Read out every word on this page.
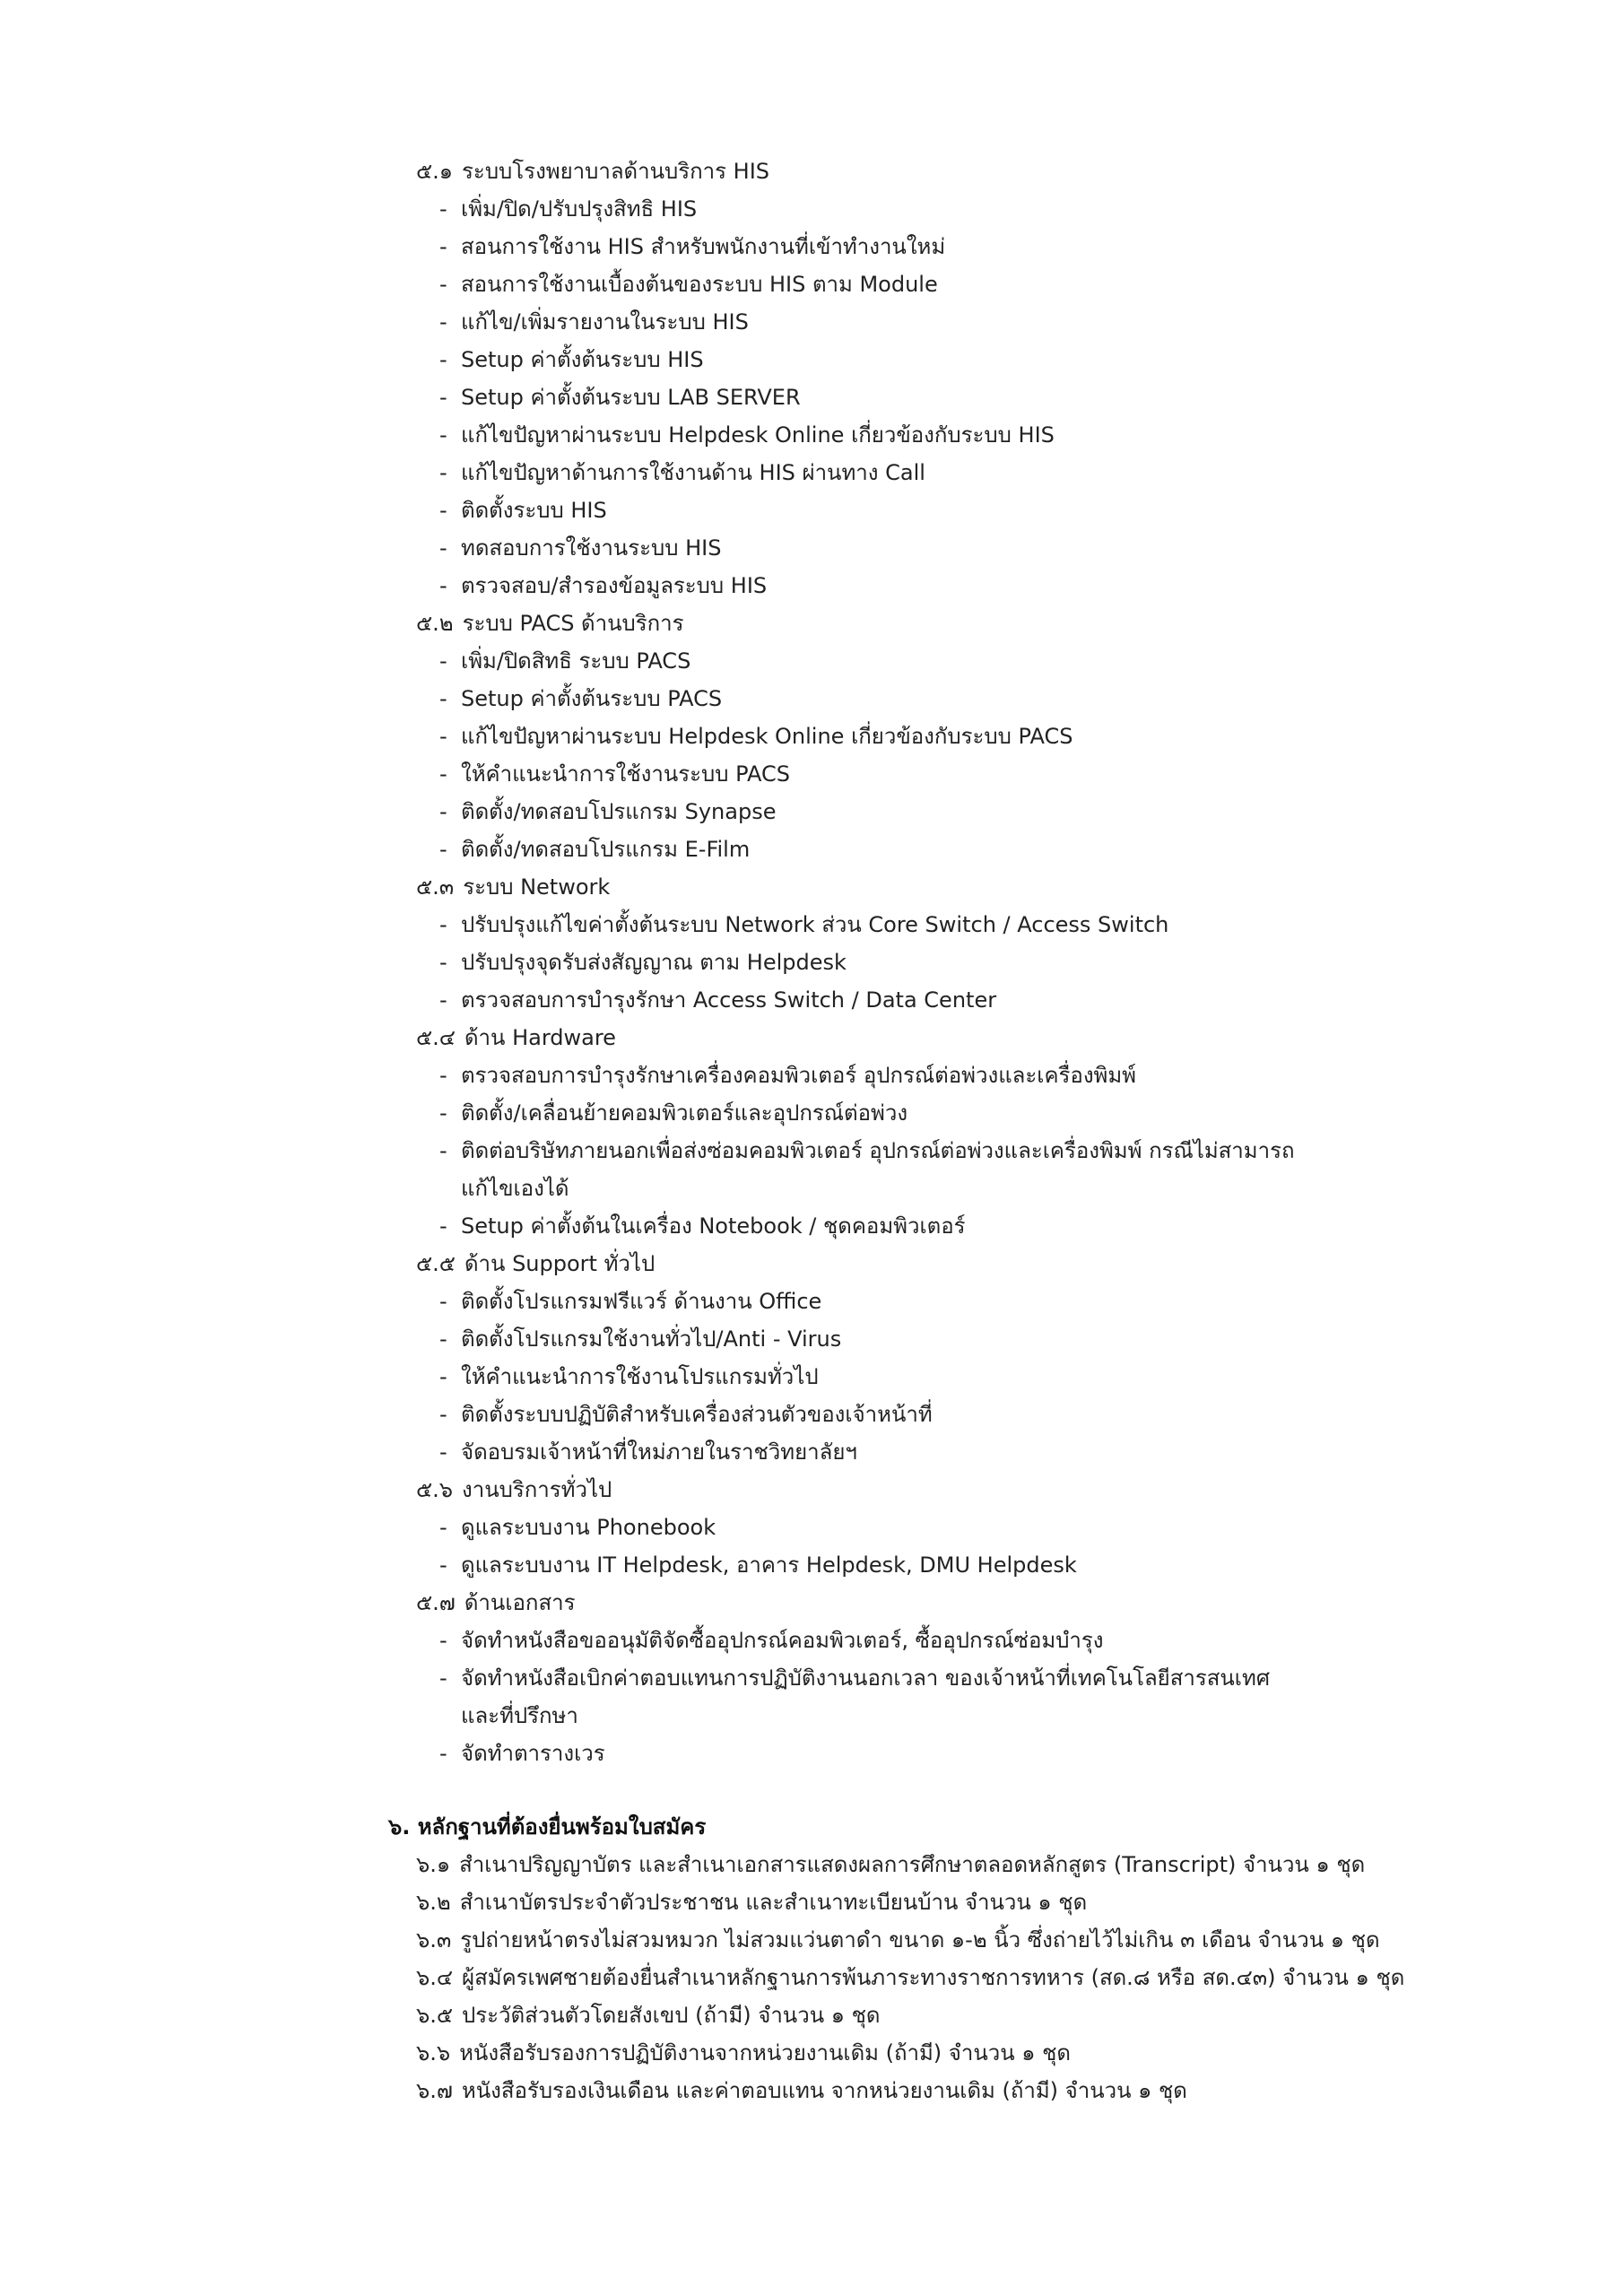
๕.๑ ระบบโรงพยาบาลด้านบริการ HIS
- เพิ่ม/ปิด/ปรับปรุงสิทธิ HIS
- สอนการใช้งาน HIS สำหรับพนักงานที่เข้าทำงานใหม่
- สอนการใช้งานเบื้องต้นของระบบ HIS ตาม Module
- แก้ไข/เพิ่มรายงานในระบบ HIS
- Setup ค่าตั้งต้นระบบ HIS
- Setup ค่าตั้งต้นระบบ LAB SERVER
- แก้ไขปัญหาผ่านระบบ Helpdesk Online เกี่ยวข้องกับระบบ HIS
- แก้ไขปัญหาด้านการใช้งานด้าน HIS ผ่านทาง Call
- ติดตั้งระบบ HIS
- ทดสอบการใช้งานระบบ HIS
- ตรวจสอบ/สำรองข้อมูลระบบ HIS
๕.๒ ระบบ PACS ด้านบริการ
- เพิ่ม/ปิดสิทธิ ระบบ PACS
- Setup ค่าตั้งต้นระบบ PACS
- แก้ไขปัญหาผ่านระบบ Helpdesk Online เกี่ยวข้องกับระบบ PACS
- ให้คำแนะนำการใช้งานระบบ PACS
- ติดตั้ง/ทดสอบโปรแกรม Synapse
- ติดตั้ง/ทดสอบโปรแกรม E-Film
๕.๓ ระบบ Network
- ปรับปรุงแก้ไขค่าตั้งต้นระบบ Network ส่วน Core Switch / Access Switch
- ปรับปรุงจุดรับส่งสัญญาณ ตาม Helpdesk
- ตรวจสอบการบำรุงรักษา Access Switch / Data Center
๕.๔ ด้าน Hardware
- ตรวจสอบการบำรุงรักษาเครื่องคอมพิวเตอร์ อุปกรณ์ต่อพ่วงและเครื่องพิมพ์
- ติดตั้ง/เคลื่อนย้ายคอมพิวเตอร์และอุปกรณ์ต่อพ่วง
- ติดต่อบริษัทภายนอกเพื่อส่งซ่อมคอมพิวเตอร์ อุปกรณ์ต่อพ่วงและเครื่องพิมพ์ กรณีไม่สามารถ
แก้ไขเองได้
- Setup ค่าตั้งต้นในเครื่อง Notebook / ชุดคอมพิวเตอร์
๕.๕ ด้าน Support ทั่วไป
- ติดตั้งโปรแกรมฟรีแวร์ ด้านงาน Office
- ติดตั้งโปรแกรมใช้งานทั่วไป/Anti - Virus
- ให้คำแนะนำการใช้งานโปรแกรมทั่วไป
- ติดตั้งระบบปฏิบัติสำหรับเครื่องส่วนตัวของเจ้าหน้าที่
- จัดอบรมเจ้าหน้าที่ใหม่ภายในราชวิทยาลัยฯ
๕.๖ งานบริการทั่วไป
- ดูแลระบบงาน Phonebook
- ดูแลระบบงาน IT Helpdesk, อาคาร Helpdesk, DMU Helpdesk
๕.๗ ด้านเอกสาร
- จัดทำหนังสือขออนุมัติจัดซื้ออุปกรณ์คอมพิวเตอร์, ซื้ออุปกรณ์ซ่อมบำรุง
- จัดทำหนังสือเบิกค่าตอบแทนการปฏิบัติงานนอกเวลา ของเจ้าหน้าที่เทคโนโลยีสารสนเทศ
และที่ปรึกษา
- จัดทำตารางเวร
๖. หลักฐานที่ต้องยื่นพร้อมใบสมัคร
๖.๑ สำเนาปริญญาบัตร และสำเนาเอกสารแสดงผลการศึกษาตลอดหลักสูตร (Transcript) จำนวน ๑ ชุด
๖.๒ สำเนาบัตรประจำตัวประชาชน และสำเนาทะเบียนบ้าน จำนวน ๑ ชุด
๖.๓ รูปถ่ายหน้าตรงไม่สวมหมวก ไม่สวมแว่นตาดำ ขนาด ๑-๒ นิ้ว ซึ่งถ่ายไว้ไม่เกิน ๓ เดือน จำนวน ๑ ชุด
๖.๔ ผู้สมัครเพศชายต้องยื่นสำเนาหลักฐานการพ้นภาระทางราชการทหาร (สด.๘ หรือ สด.๔๓) จำนวน ๑ ชุด
๖.๕ ประวัติส่วนตัวโดยสังเขป (ถ้ามี) จำนวน ๑ ชุด
๖.๖ หนังสือรับรองการปฏิบัติงานจากหน่วยงานเดิม (ถ้ามี) จำนวน ๑ ชุด
๖.๗ หนังสือรับรองเงินเดือน และค่าตอบแทน จากหน่วยงานเดิม (ถ้ามี) จำนวน ๑ ชุด
